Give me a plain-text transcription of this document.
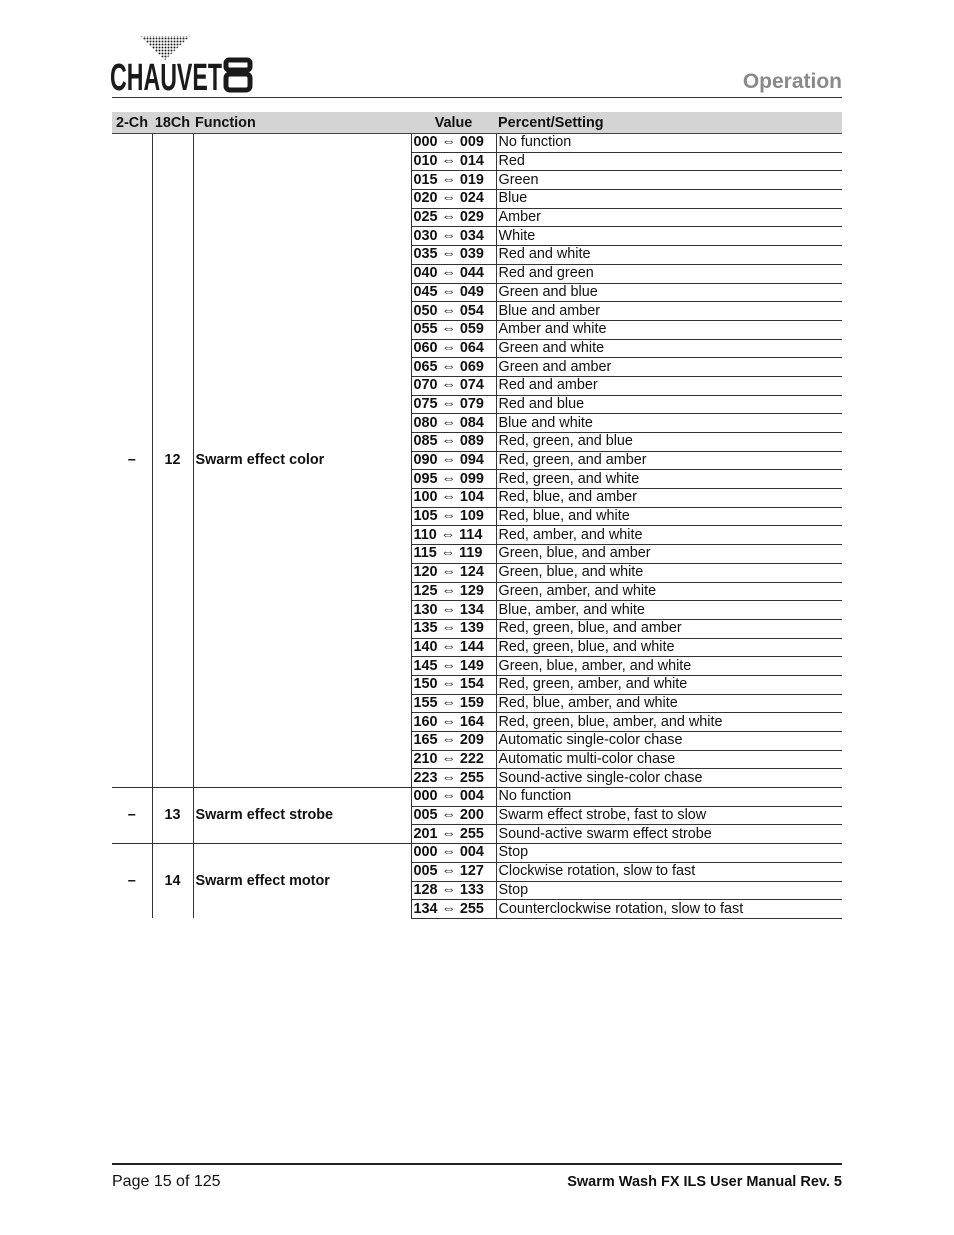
CHAUVET	Operation
2-Ch	18Ch	Function	Value	Percent/Setting
–	12	Swarm effect color	000 ⇔ 009	No function
			010 ⇔ 014	Red
			015 ⇔ 019	Green
			020 ⇔ 024	Blue
			025 ⇔ 029	Amber
			030 ⇔ 034	White
			035 ⇔ 039	Red and white
			040 ⇔ 044	Red and green
			045 ⇔ 049	Green and blue
			050 ⇔ 054	Blue and amber
			055 ⇔ 059	Amber and white
			060 ⇔ 064	Green and white
			065 ⇔ 069	Green and amber
			070 ⇔ 074	Red and amber
			075 ⇔ 079	Red and blue
			080 ⇔ 084	Blue and white
			085 ⇔ 089	Red, green, and blue
			090 ⇔ 094	Red, green, and amber
			095 ⇔ 099	Red, green, and white
			100 ⇔ 104	Red, blue, and amber
			105 ⇔ 109	Red, blue, and white
			110 ⇔ 114	Red, amber, and white
			115 ⇔ 119	Green, blue, and amber
			120 ⇔ 124	Green, blue, and white
			125 ⇔ 129	Green, amber, and white
			130 ⇔ 134	Blue, amber, and white
			135 ⇔ 139	Red, green, blue, and amber
			140 ⇔ 144	Red, green, blue, and white
			145 ⇔ 149	Green, blue, amber, and white
			150 ⇔ 154	Red, green, amber, and white
			155 ⇔ 159	Red, blue, amber, and white
			160 ⇔ 164	Red, green, blue, amber, and white
			165 ⇔ 209	Automatic single-color chase
			210 ⇔ 222	Automatic multi-color chase
			223 ⇔ 255	Sound-active single-color chase
–	13	Swarm effect strobe	000 ⇔ 004	No function
			005 ⇔ 200	Swarm effect strobe, fast to slow
			201 ⇔ 255	Sound-active swarm effect strobe
–	14	Swarm effect motor	000 ⇔ 004	Stop
			005 ⇔ 127	Clockwise rotation, slow to fast
			128 ⇔ 133	Stop
			134 ⇔ 255	Counterclockwise rotation, slow to fast
Page 15 of 125	Swarm Wash FX ILS User Manual Rev. 5
